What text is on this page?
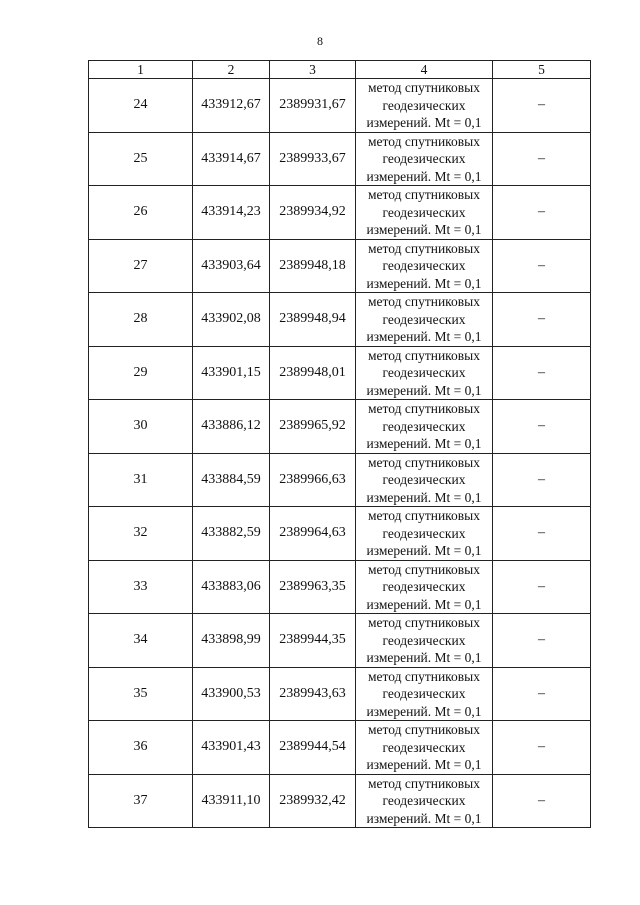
8
1	2	3	4	5
24	433912,67	2389931,67	метод спутниковых
геодезических
измерений. Mt = 0,1	–
25	433914,67	2389933,67	метод спутниковых
геодезических
измерений. Mt = 0,1	–
26	433914,23	2389934,92	метод спутниковых
геодезических
измерений. Mt = 0,1	–
27	433903,64	2389948,18	метод спутниковых
геодезических
измерений. Mt = 0,1	–
28	433902,08	2389948,94	метод спутниковых
геодезических
измерений. Mt = 0,1	–
29	433901,15	2389948,01	метод спутниковых
геодезических
измерений. Mt = 0,1	–
30	433886,12	2389965,92	метод спутниковых
геодезических
измерений. Mt = 0,1	–
31	433884,59	2389966,63	метод спутниковых
геодезических
измерений. Mt = 0,1	–
32	433882,59	2389964,63	метод спутниковых
геодезических
измерений. Mt = 0,1	–
33	433883,06	2389963,35	метод спутниковых
геодезических
измерений. Mt = 0,1	–
34	433898,99	2389944,35	метод спутниковых
геодезических
измерений. Mt = 0,1	–
35	433900,53	2389943,63	метод спутниковых
геодезических
измерений. Mt = 0,1	–
36	433901,43	2389944,54	метод спутниковых
геодезических
измерений. Mt = 0,1	–
37	433911,10	2389932,42	метод спутниковых
геодезических
измерений. Mt = 0,1	–
